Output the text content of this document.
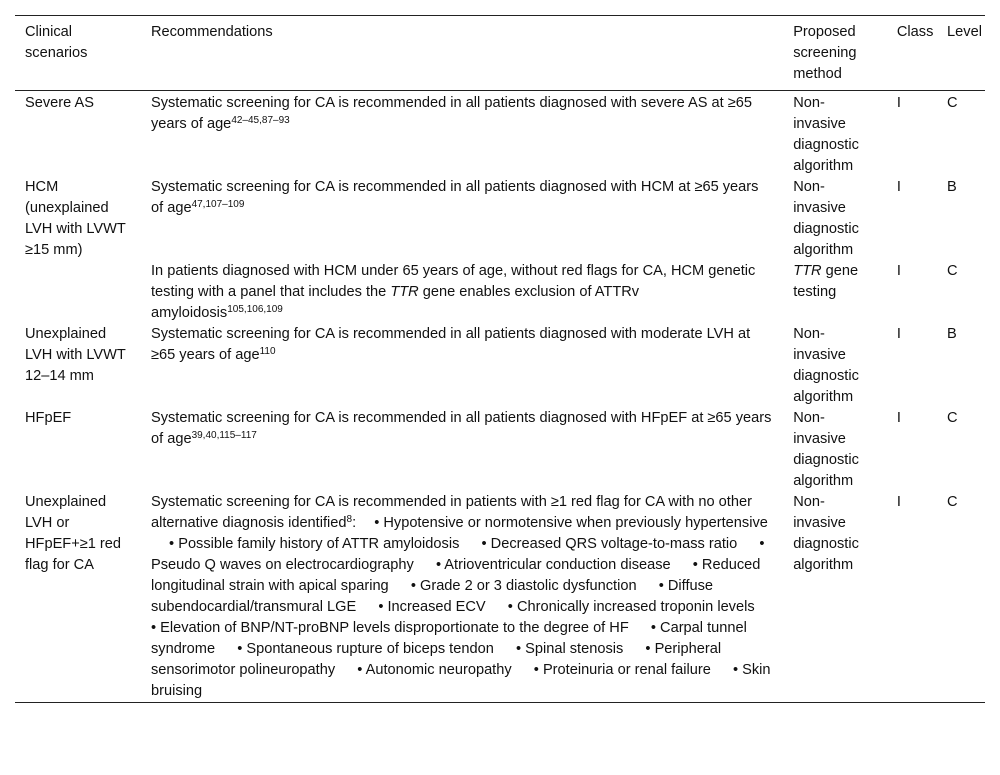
Clinical scenarios	Recommendations	Proposed screening method	Class	Level
Severe AS	Systematic screening for CA is recommended in all patients diagnosed with severe AS at ≥65 years of age$^{42-45,87-93}$	Non-invasive diagnostic algorithm	I	C
HCM (unexplained LVH with LVWT ≥15 mm)	Systematic screening for CA is recommended in all patients diagnosed with HCM at ≥65 years of age$^{47,107-109}$	Non-invasive diagnostic algorithm	I	B
	In patients diagnosed with HCM under 65 years of age, without red flags for CA, HCM genetic testing with a panel that includes the TTR gene enables exclusion of ATTRv amyloidosis$^{105,106,109}$	TTR gene testing	I	C
Unexplained LVH with LVWT 12–14 mm	Systematic screening for CA is recommended in all patients diagnosed with moderate LVH at ≥65 years of age$^{110}$	Non-invasive diagnostic algorithm	I	B
HFpEF	Systematic screening for CA is recommended in all patients diagnosed with HFpEF at ≥65 years of age$^{39,40,115-117}$	Non-invasive diagnostic algorithm	I	C
Unexplained LVH or HFpEF+≥1 red flag for CA	Systematic screening for CA is recommended in patients with ≥1 red flag for CA with no other alternative diagnosis identified$^8$: • Hypotensive or normotensive when previously hypertensive  • Possible family history of ATTR amyloidosis • Decreased QRS voltage-to-mass ratio • Pseudo Q waves on electrocardiography • Atrioventricular conduction disease • Reduced longitudinal strain with apical sparing • Grade 2 or 3 diastolic dysfunction • Diffuse subendocardial/transmural LGE • Increased ECV • Chronically increased troponin levels  • Elevation of BNP/NT-proBNP levels disproportionate to the degree of HF • Carpal tunnel syndrome • Spontaneous rupture of biceps tendon • Spinal stenosis • Peripheral sensorimotor polineuropathy • Autonomic neuropathy • Proteinuria or renal failure • Skin bruising	Non-invasive diagnostic algorithm	I	C
